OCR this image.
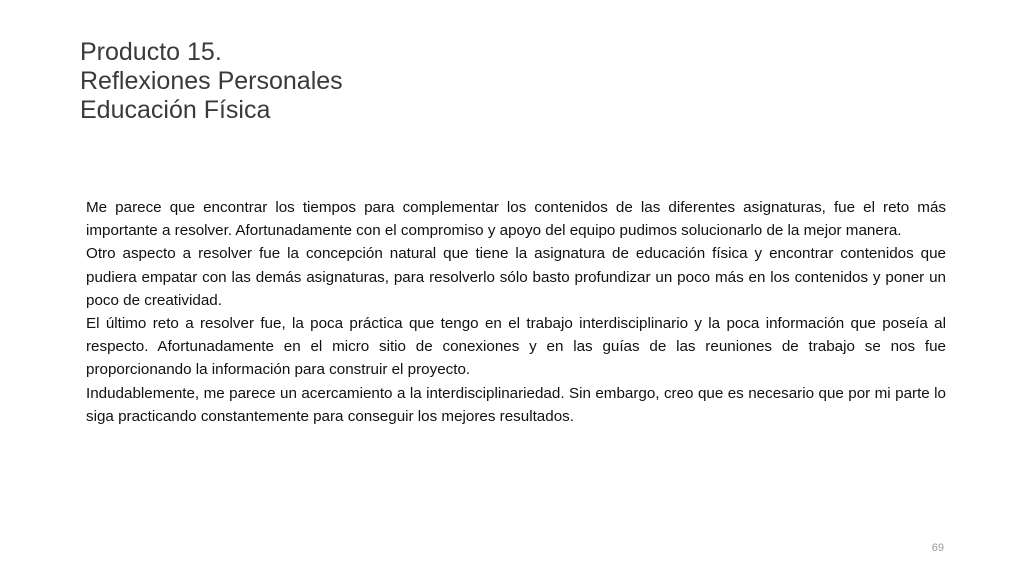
Producto 15.
Reflexiones Personales
Educación Física

Me parece que encontrar los tiempos para complementar los contenidos de las diferentes asignaturas, fue el reto más importante a resolver. Afortunadamente con el compromiso y apoyo del equipo pudimos solucionarlo de la mejor manera.

Otro aspecto a resolver fue la concepción natural que tiene la asignatura de educación física y encontrar contenidos que pudiera empatar con las demás asignaturas, para resolverlo sólo basto profundizar un poco más en los contenidos y poner un poco de creatividad.

El último reto a resolver fue, la poca práctica que tengo en el trabajo interdisciplinario y la poca información que poseía al respecto. Afortunadamente en el micro sitio de conexiones y en las guías de las reuniones de trabajo se nos fue proporcionando la información para construir el proyecto.

Indudablemente, me parece un acercamiento a la interdisciplinariedad. Sin embargo, creo que es necesario que por mi parte lo siga practicando constantemente para conseguir los mejores resultados.

69
